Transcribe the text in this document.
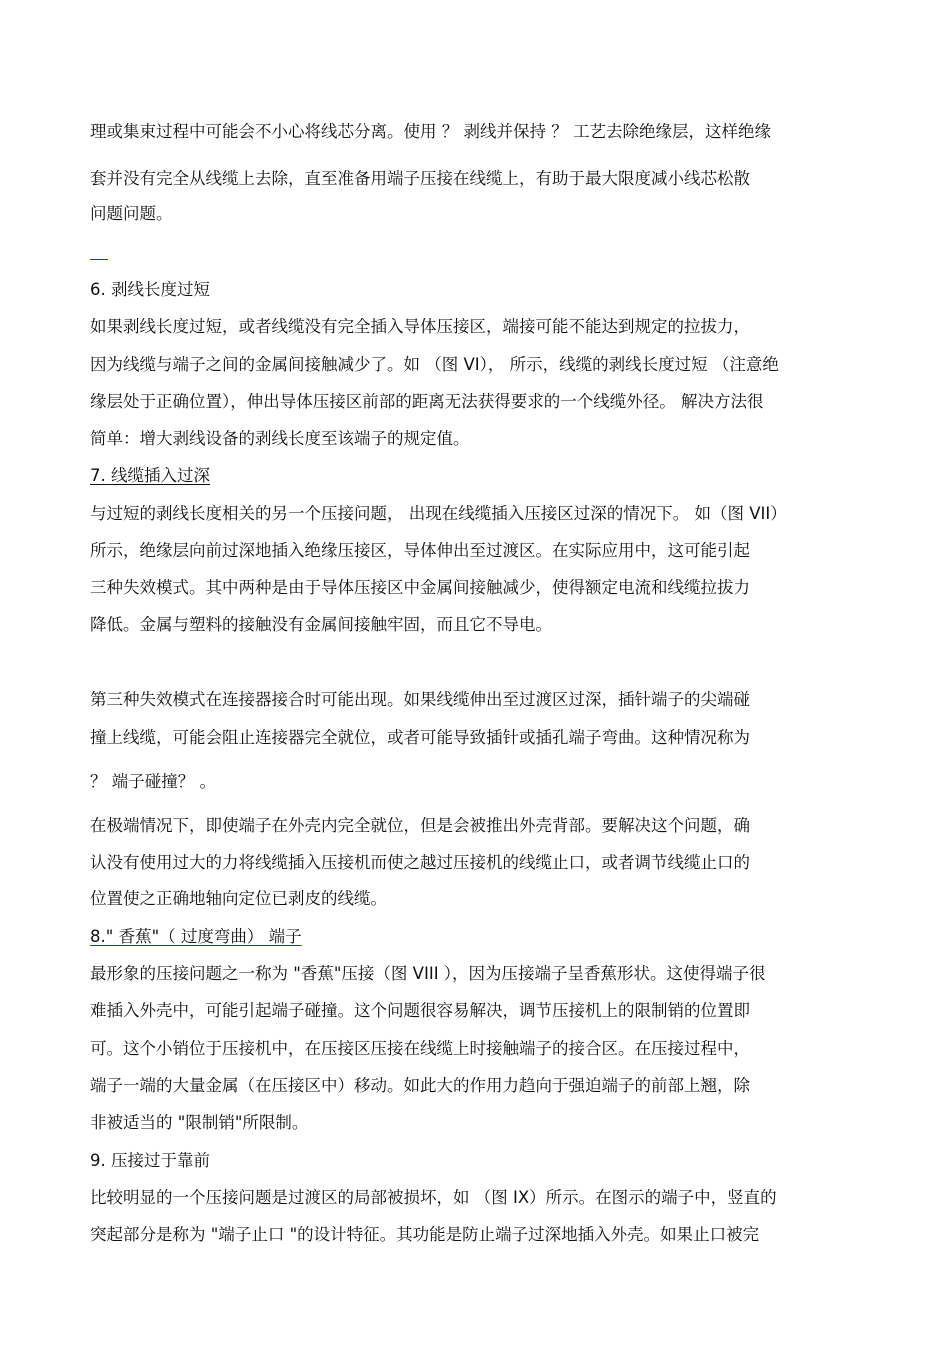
理或集束过程中可能会不小心将线芯分离。使用 ？ 剥线并保持 ？ 工艺去除绝缘层，这样绝缘
套并没有完全从线缆上去除，直至准备用端子压接在线缆上，有助于最大限度减小线芯松散
问题问题。
6. 剥线长度过短
如果剥线长度过短，或者线缆没有完全插入导体压接区，端接可能不能达到规定的拉拔力，
因为线缆与端子之间的金属间接触减少了。如 （图 VI）， 所示，线缆的剥线长度过短 （注意绝
缘层处于正确位置），伸出导体压接区前部的距离无法获得要求的一个线缆外径。 解决方法很
简单：增大剥线设备的剥线长度至该端子的规定值。
7. 线缆插入过深
与过短的剥线长度相关的另一个压接问题， 出现在线缆插入压接区过深的情况下。 如（图 VII）
所示，绝缘层向前过深地插入绝缘压接区，导体伸出至过渡区。在实际应用中，这可能引起
三种失效模式。其中两种是由于导体压接区中金属间接触减少，使得额定电流和线缆拉拔力
降低。金属与塑料的接触没有金属间接触牢固，而且它不导电。
第三种失效模式在连接器接合时可能出现。如果线缆伸出至过渡区过深，插针端子的尖端碰
撞上线缆，可能会阻止连接器完全就位，或者可能导致插针或插孔端子弯曲。这种情况称为
？ 端子碰撞？ 。
在极端情况下，即使端子在外壳内完全就位，但是会被推出外壳背部。要解决这个问题，确
认没有使用过大的力将线缆插入压接机而使之越过压接机的线缆止口，或者调节线缆止口的
位置使之正确地轴向定位已剥皮的线缆。
8." 香蕉"（ 过度弯曲） 端子
最形象的压接问题之一称为 "香蕉"压接（图 VIII ），因为压接端子呈香蕉形状。这使得端子很
难插入外壳中，可能引起端子碰撞。这个问题很容易解决，调节压接机上的限制销的位置即
可。这个小销位于压接机中，在压接区压接在线缆上时接触端子的接合区。在压接过程中，
端子一端的大量金属（在压接区中）移动。如此大的作用力趋向于强迫端子的前部上翘，除
非被适当的 "限制销"所限制。
9. 压接过于靠前
比较明显的一个压接问题是过渡区的局部被损坏，如 （图 IX）所示。在图示的端子中，竖直的
突起部分是称为 "端子止口 "的设计特征。其功能是防止端子过深地插入外壳。如果止口被完
